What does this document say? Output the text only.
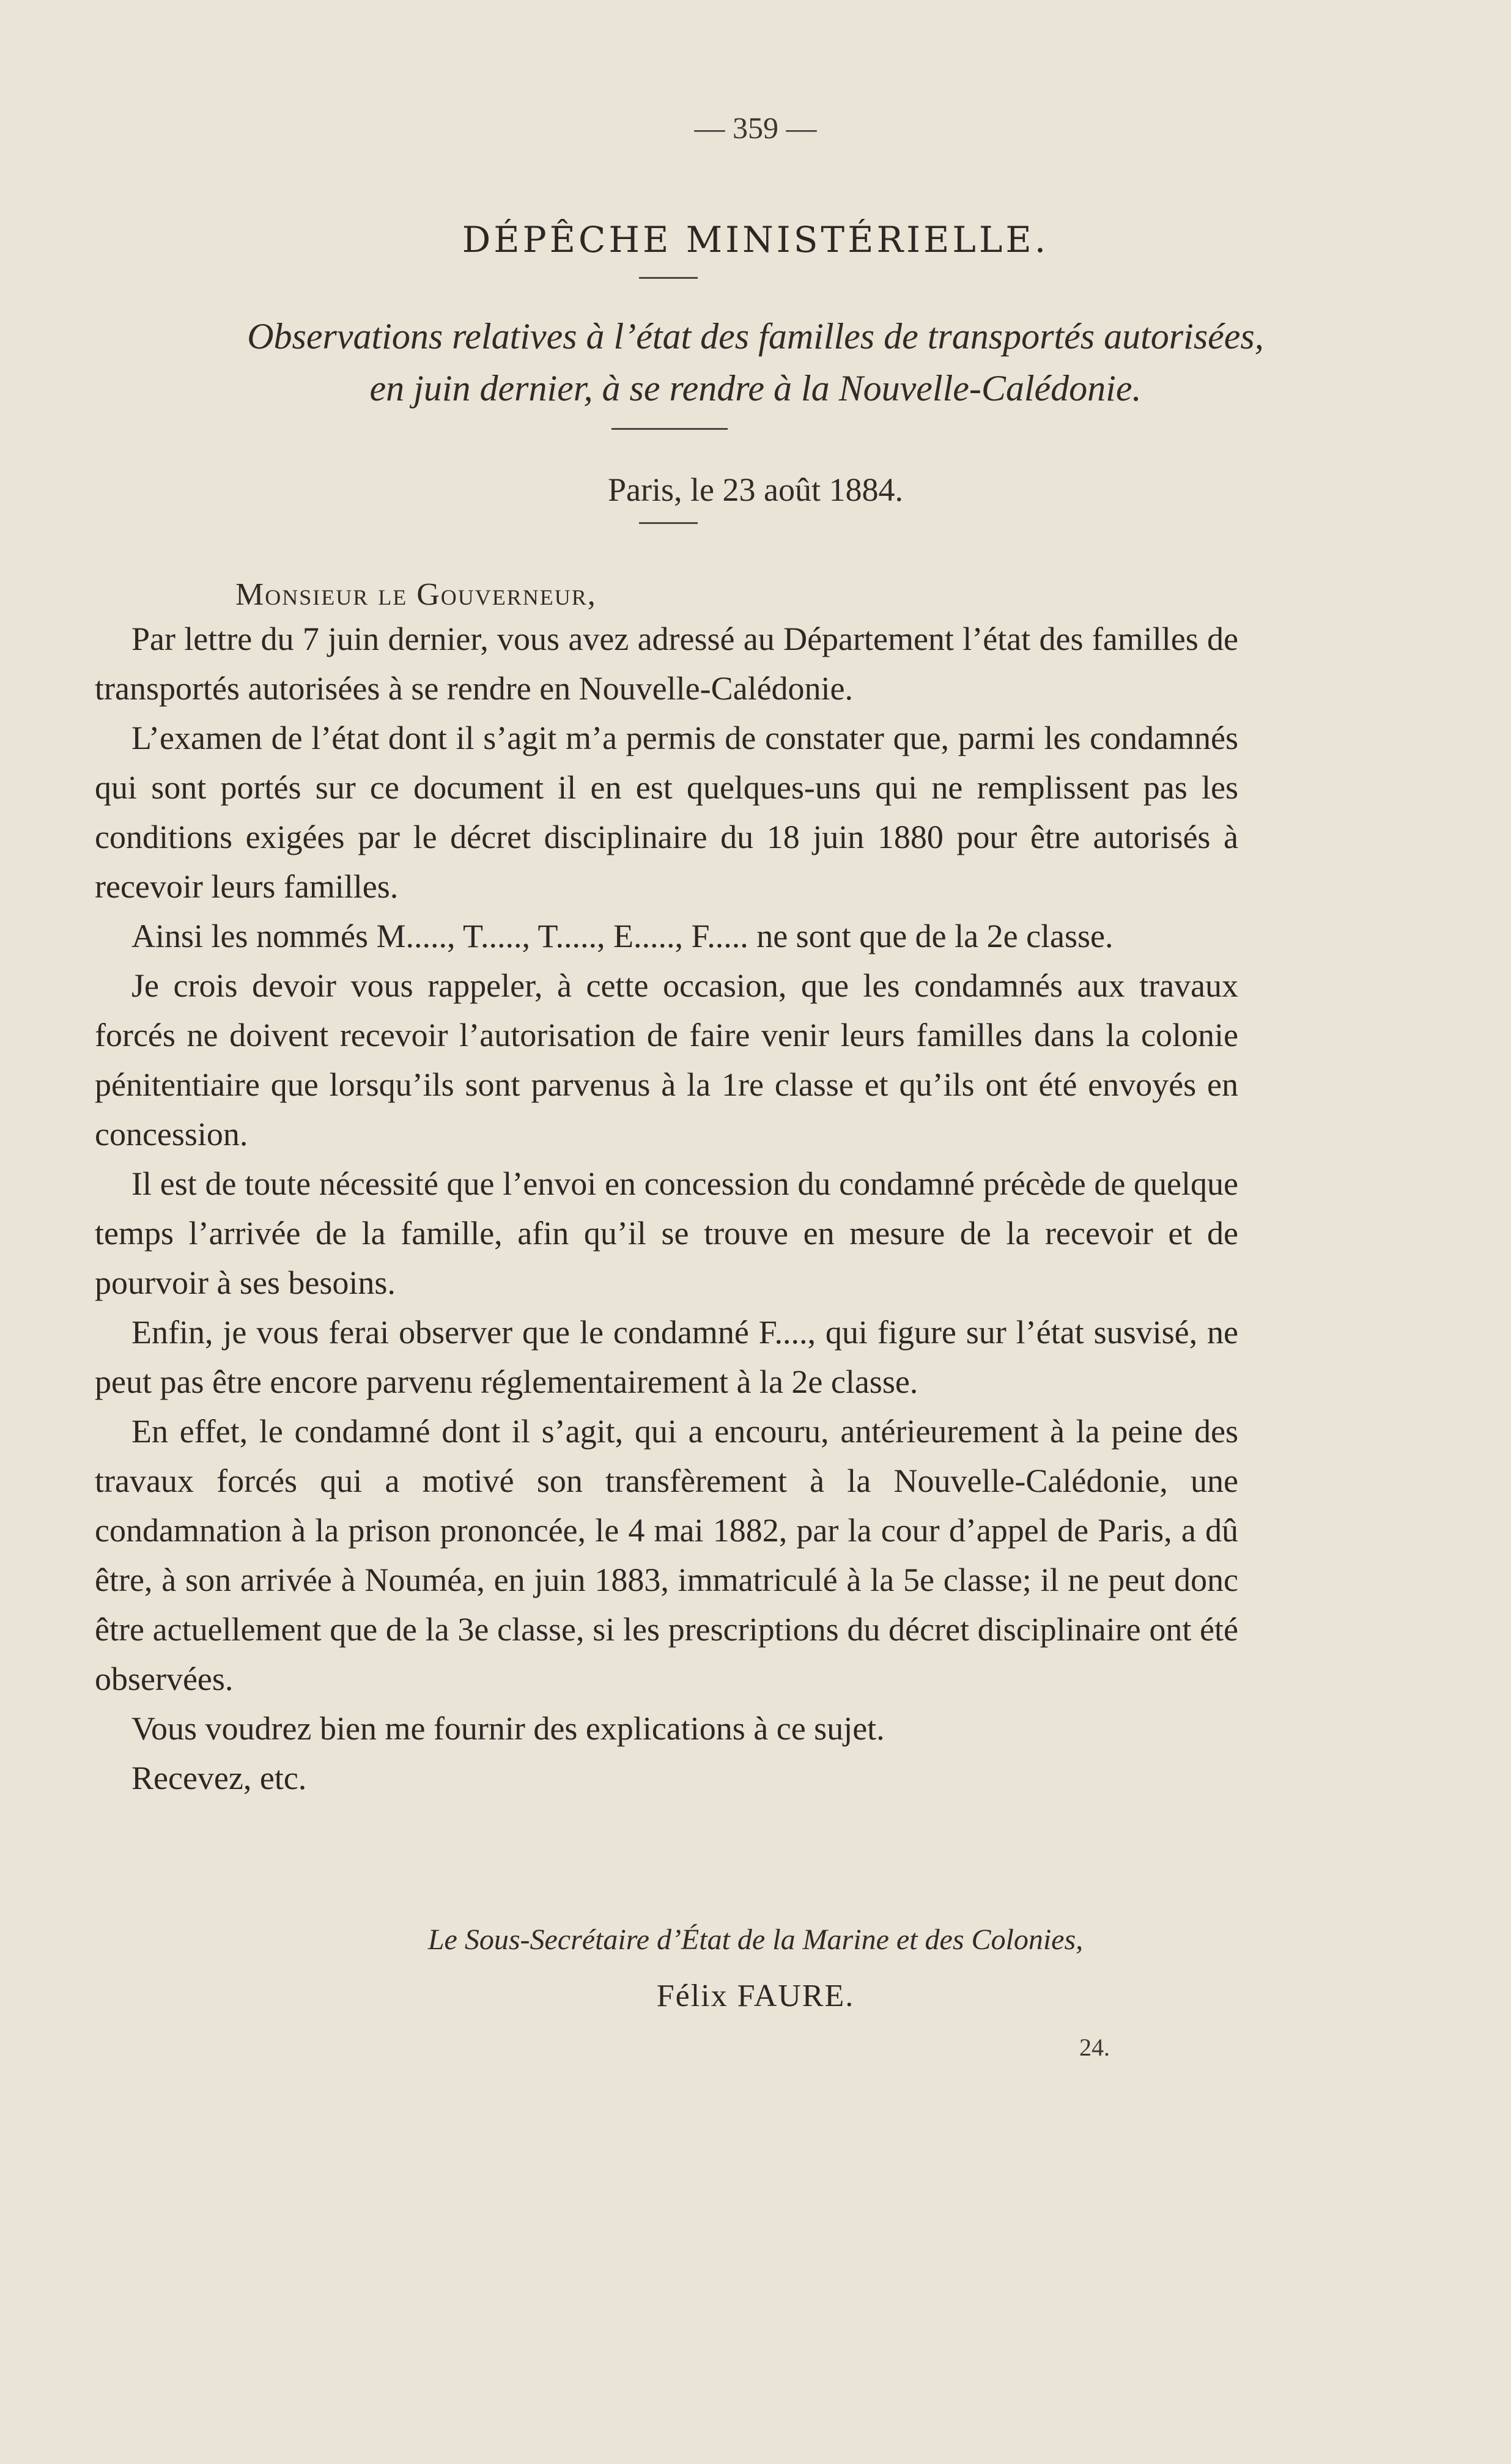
— 359 —
DÉPÊCHE MINISTÉRIELLE.
Observations relatives à l’état des familles de transportés autorisées,
en juin dernier, à se rendre à la Nouvelle-Calédonie.
Paris, le 23 août 1884.
Monsieur le Gouverneur,

Par lettre du 7 juin dernier, vous avez adressé au Département l’état des familles de transportés autorisées à se rendre en Nouvelle-Calédonie.

L’examen de l’état dont il s’agit m’a permis de constater que, parmi les condamnés qui sont portés sur ce document il en est quelques-uns qui ne remplissent pas les conditions exigées par le décret disciplinaire du 18 juin 1880 pour être autorisés à recevoir leurs familles.

Ainsi les nommés M....., T....., T....., E....., F..... ne sont que de la 2e classe.

Je crois devoir vous rappeler, à cette occasion, que les condamnés aux travaux forcés ne doivent recevoir l’autorisation de faire venir leurs familles dans la colonie pénitentiaire que lorsqu’ils sont parvenus à la 1re classe et qu’ils ont été envoyés en concession.

Il est de toute nécessité que l’envoi en concession du condamné précède de quelque temps l’arrivée de la famille, afin qu’il se trouve en mesure de la recevoir et de pourvoir à ses besoins.

Enfin, je vous ferai observer que le condamné F...., qui figure sur l’état susvisé, ne peut pas être encore parvenu réglementairement à la 2e classe.

En effet, le condamné dont il s’agit, qui a encouru, antérieurement à la peine des travaux forcés qui a motivé son transfèrement à la Nouvelle-Calédonie, une condamnation à la prison prononcée, le 4 mai 1882, par la cour d’appel de Paris, a dû être, à son arrivée à Nouméa, en juin 1883, immatriculé à la 5e classe; il ne peut donc être actuellement que de la 3e classe, si les prescriptions du décret disciplinaire ont été observées.

Vous voudrez bien me fournir des explications à ce sujet.

Recevez, etc.

Le Sous-Secrétaire d’État de la Marine et des Colonies,
Félix FAURE.
24.
